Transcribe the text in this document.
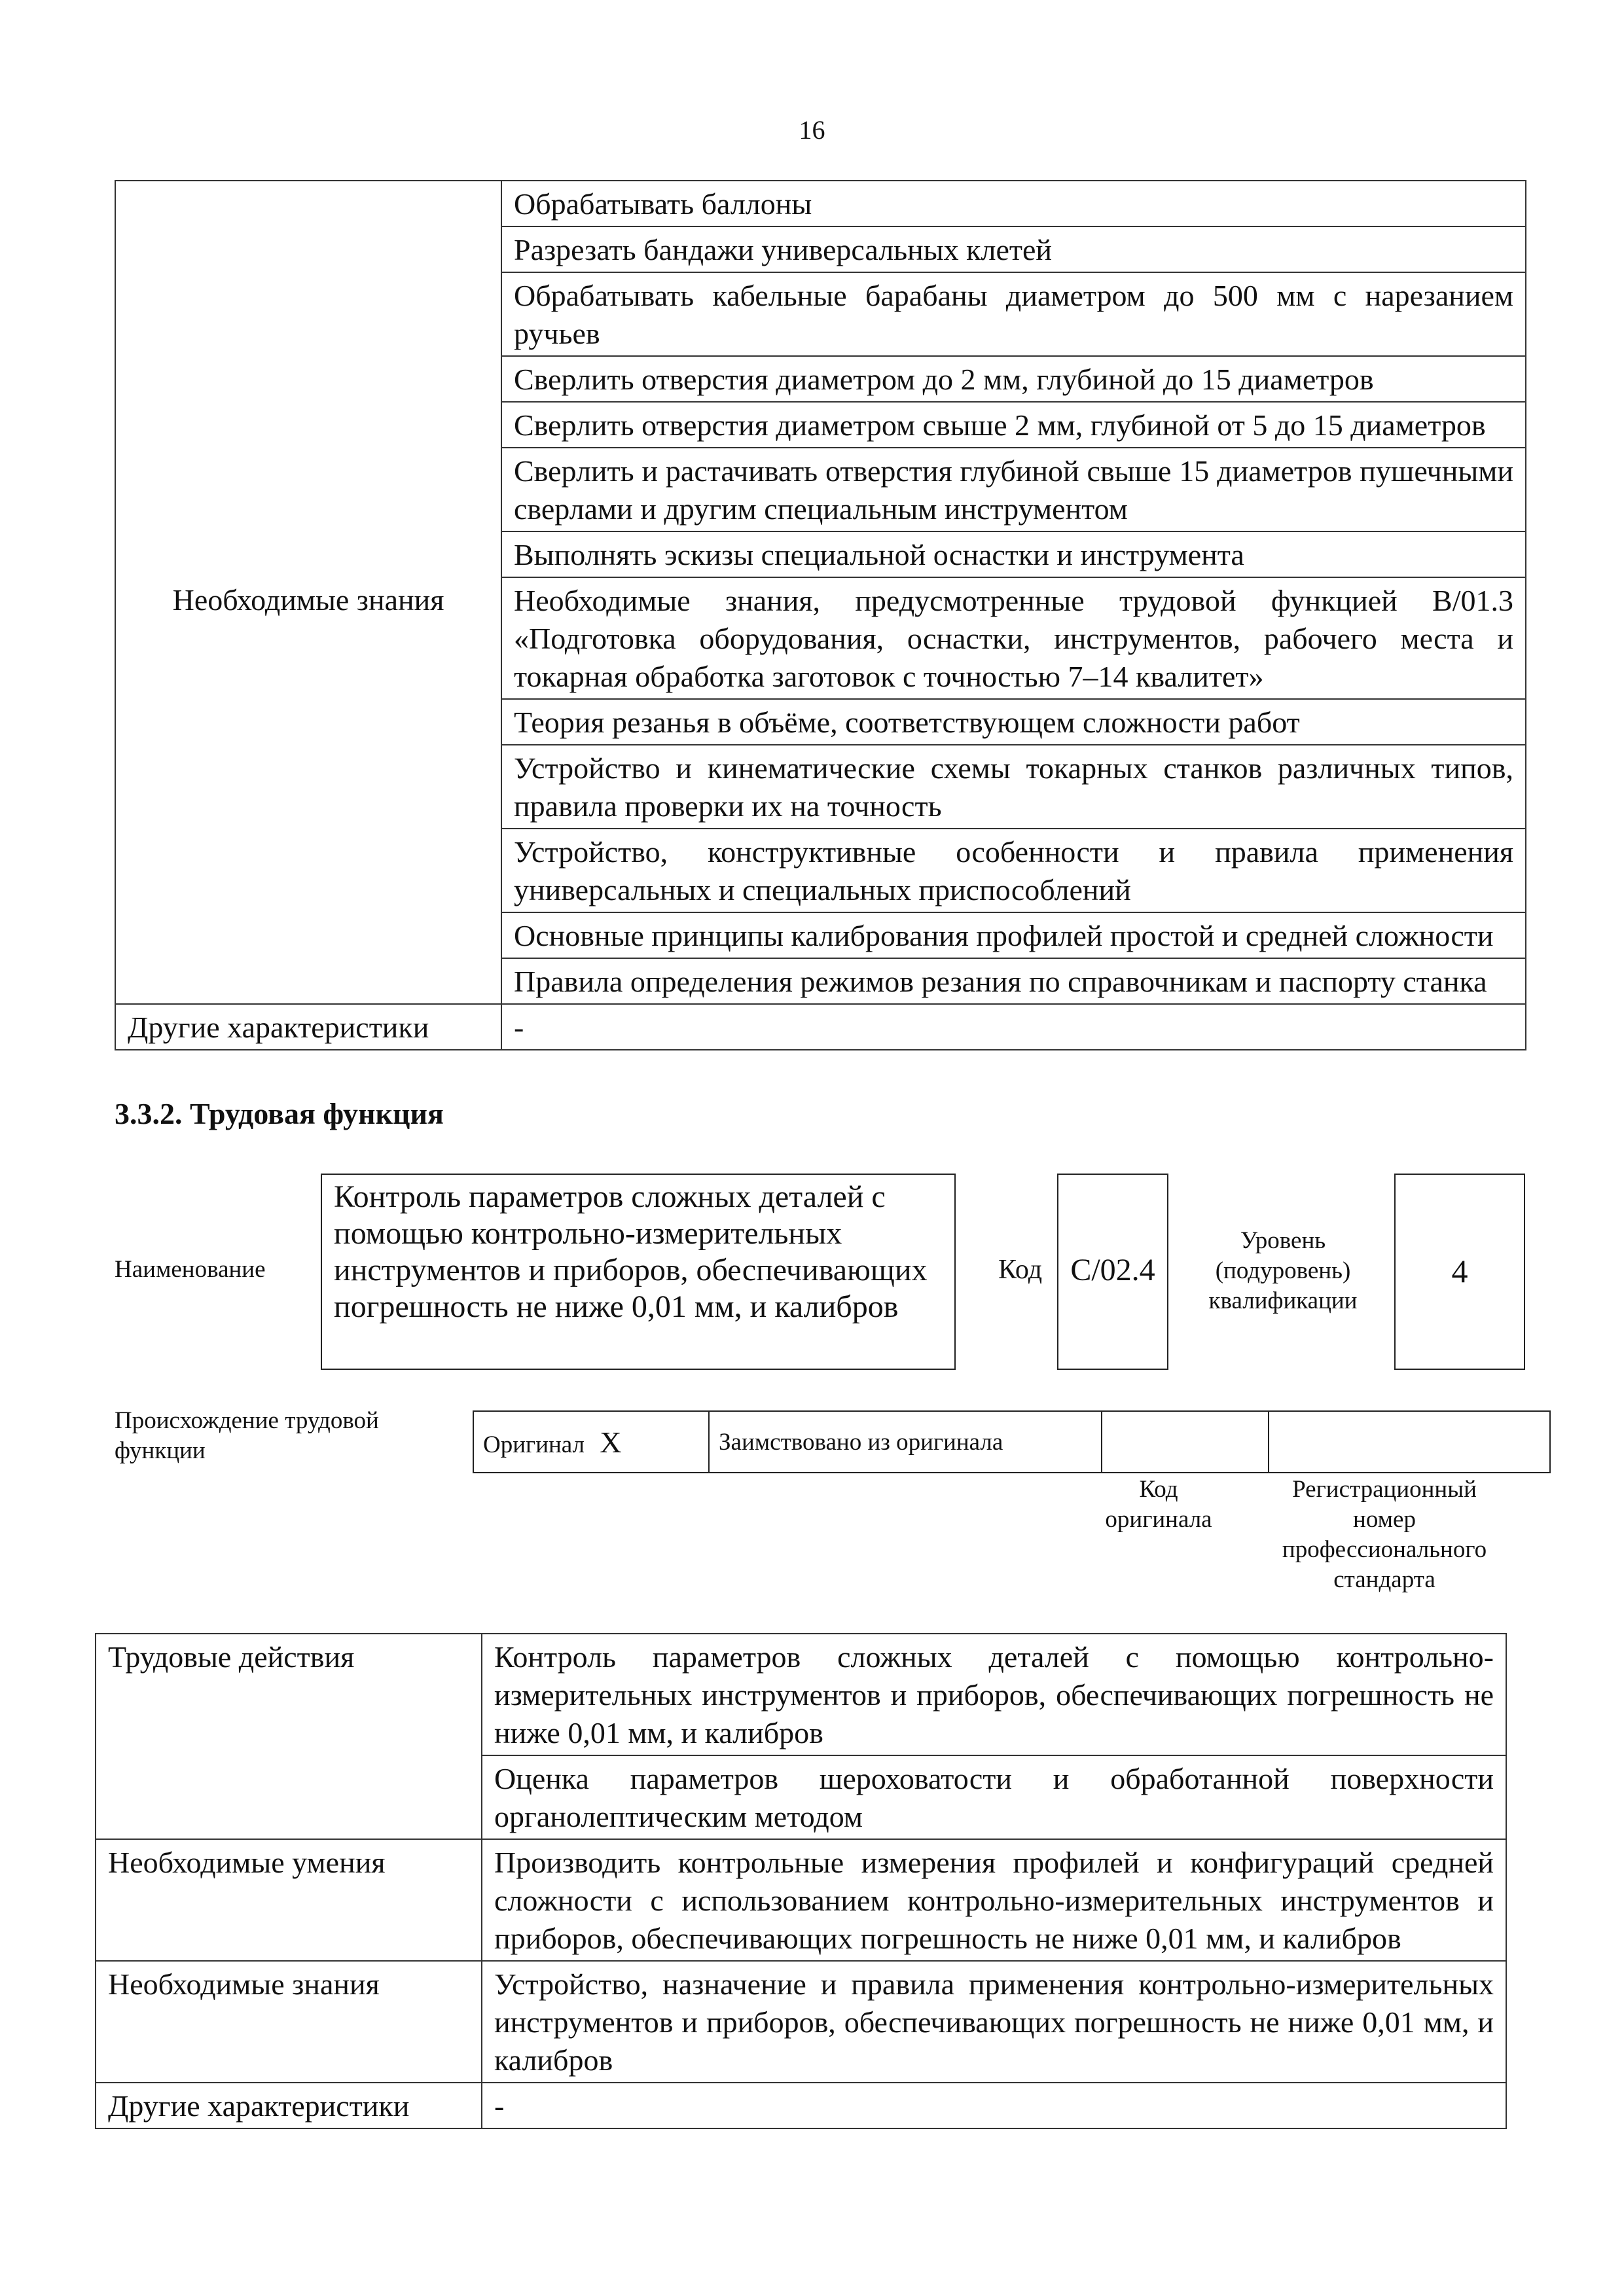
16
	Обрабатывать баллоны
	Разрезать бандажи универсальных клетей
	Обрабатывать кабельные барабаны диаметром до 500 мм с нарезанием ручьев
	Сверлить отверстия диаметром до 2 мм, глубиной до 15 диаметров
	Сверлить отверстия диаметром свыше 2 мм, глубиной от 5 до 15 диаметров
	Сверлить и растачивать отверстия глубиной свыше 15 диаметров пушечными сверлами и другим специальным инструментом
	Выполнять эскизы специальной оснастки и инструмента
Необходимые знания	Необходимые знания, предусмотренные трудовой функцией B/01.3 «Подготовка оборудования, оснастки, инструментов, рабочего места и токарная обработка заготовок с точностью 7–14 квалитет»
	Теория резанья в объёме, соответствующем сложности работ
	Устройство и кинематические схемы токарных станков различных типов, правила проверки их на точность
	Устройство, конструктивные особенности и правила применения универсальных и специальных приспособлений
	Основные принципы калибрования профилей простой и средней сложности
	Правила определения режимов резания по справочникам и паспорту станка
Другие характеристики	-
3.3.2. Трудовая функция
Наименование
Контроль параметров сложных деталей с помощью контрольно-измерительных инструментов и приборов, обеспечивающих погрешность не ниже 0,01 мм, и калибров
Код C/02.4
Уровень
(подуровень)
квалификации
4
Происхождение трудовой
функции	Оригинал X	Заимствовано из оригинала		
Код
оригинала
Регистрационный
номер
профессионального
стандарта
Трудовые действия	Контроль параметров сложных деталей с помощью контрольно-измерительных инструментов и приборов, обеспечивающих погрешность не ниже 0,01 мм, и калибров
	Оценка параметров шероховатости и обработанной поверхности органолептическим методом
Необходимые умения	Производить контрольные измерения профилей и конфигураций средней сложности с использованием контрольно-измерительных инструментов и приборов, обеспечивающих погрешность не ниже 0,01 мм, и калибров
Необходимые знания	Устройство, назначение и правила применения контрольно-измерительных инструментов и приборов, обеспечивающих погрешность не ниже 0,01 мм, и калибров
Другие характеристики	-
